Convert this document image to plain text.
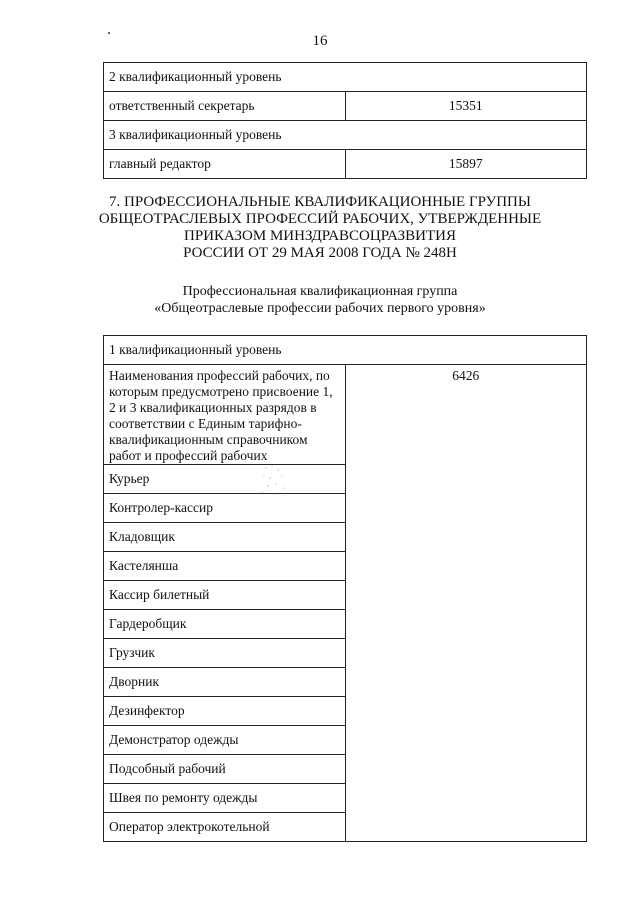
16
2 квалификационный уровень	
ответственный секретарь	15351
3 квалификационный уровень	
главный редактор	15897
7. ПРОФЕССИОНАЛЬНЫЕ КВАЛИФИКАЦИОННЫЕ ГРУППЫ
ОБЩЕОТРАСЛЕВЫХ ПРОФЕССИЙ РАБОЧИХ, УТВЕРЖДЕННЫЕ
ПРИКАЗОМ МИНЗДРАВСОЦРАЗВИТИЯ
РОССИИ ОТ 29 МАЯ 2008 ГОДА № 248Н
Профессиональная квалификационная группа
«Общеотраслевые профессии рабочих первого уровня»
1 квалификационный уровень
Наименования профессий рабочих, по которым предусмотрено присвоение 1, 2 и 3 квалификационных разрядов в соответствии с Единым тарифно-квалификационным справочником работ и профессий рабочих	6426
Курьер
Контролер-кассир
Кладовщик
Кастелянша
Кассир билетный
Гардеробщик
Грузчик
Дворник
Дезинфектор
Демонстратор одежды
Подсобный рабочий
Швея по ремонту одежды
Оператор электрокотельной
